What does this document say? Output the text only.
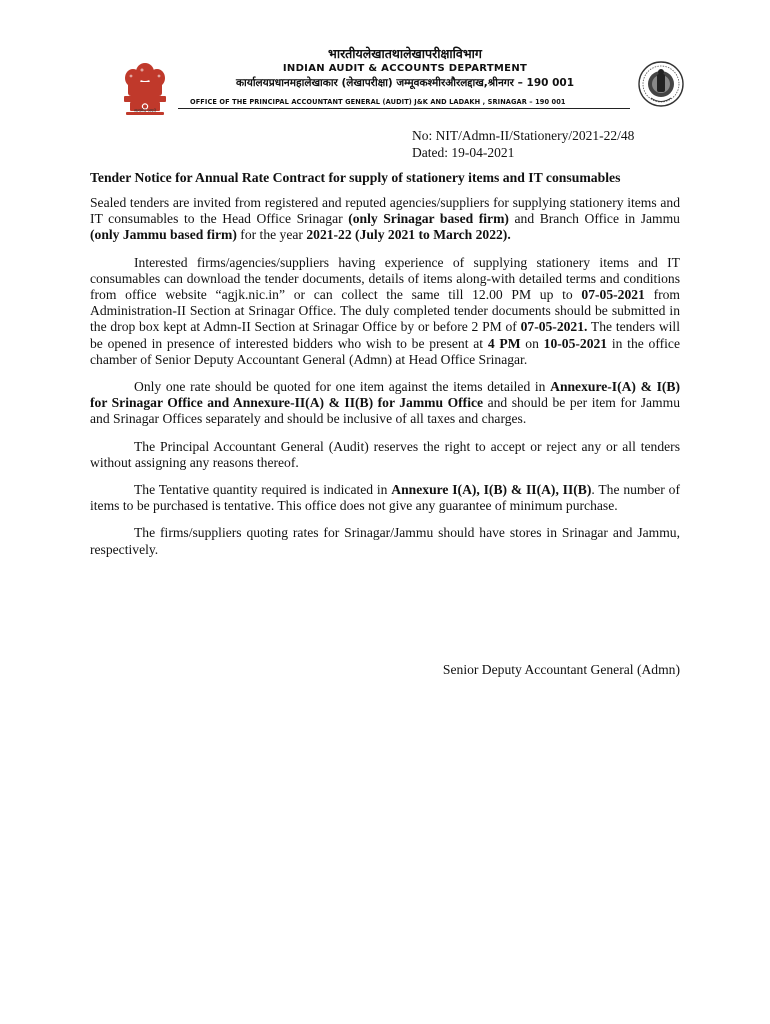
सत्यमेव जयते
भारतीयलेखातथालेखापरीक्षाविभाग
INDIAN AUDIT & ACCOUNTS DEPARTMENT
कार्यालयप्रधानमहालेखाकार (लेखापरीक्षा) जम्मूवकश्मीरऔरलद्दाख,श्रीनगर – 190 001
OFFICE OF THE PRINCIPAL ACCOUNTANT GENERAL (AUDIT) J&K AND LADAKH , SRINAGAR – 190 001
No: NIT/Admn-II/Stationery/2021-22/48
Dated: 19-04-2021
Tender Notice for Annual Rate Contract for supply of stationery items and IT consumables

Sealed tenders are invited from registered and reputed agencies/suppliers for supplying stationery items and IT consumables to the Head Office Srinagar (only Srinagar based firm) and Branch Office in Jammu (only Jammu based firm) for the year 2021-22 (July 2021 to March 2022).

Interested firms/agencies/suppliers having experience of supplying stationery items and IT consumables can download the tender documents, details of items along-with detailed terms and conditions from office website “agjk.nic.in” or can collect the same till 12.00 PM up to 07-05-2021 from Administration-II Section at Srinagar Office. The duly completed tender documents should be submitted in the drop box kept at Admn-II Section at Srinagar Office by or before 2 PM of 07-05-2021. The tenders will be opened in presence of interested bidders who wish to be present at 4 PM on 10-05-2021 in the office chamber of Senior Deputy Accountant General (Admn) at Head Office Srinagar.

Only one rate should be quoted for one item against the items detailed in Annexure-I(A) & I(B) for Srinagar Office and Annexure-II(A) & II(B) for Jammu Office and should be per item for Jammu and Srinagar Offices separately and should be inclusive of all taxes and charges.

The Principal Accountant General (Audit) reserves the right to accept or reject any or all tenders without assigning any reasons thereof.

The Tentative quantity required is indicated in Annexure I(A), I(B) & II(A), II(B). The number of items to be purchased is tentative. This office does not give any guarantee of minimum purchase.

The firms/suppliers quoting rates for Srinagar/Jammu should have stores in Srinagar and Jammu, respectively.

Senior Deputy Accountant General (Admn)
